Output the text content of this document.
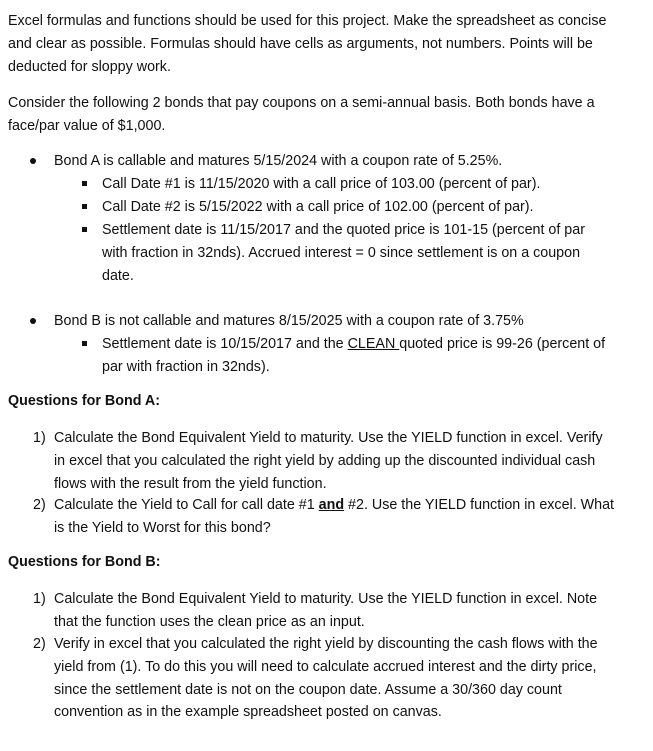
Excel formulas and functions should be used for this project. Make the spreadsheet as concise

and clear as possible. Formulas should have cells as arguments, not numbers. Points will be

deducted for sloppy work.

Consider the following 2 bonds that pay coupons on a semi-annual basis. Both bonds have a

face/par value of $1,000.

Bond A is callable and matures 5/15/2024 with a coupon rate of 5.25%.
Call Date #1 is 11/15/2020 with a call price of 103.00 (percent of par).
Call Date #2 is 5/15/2022 with a call price of 102.00 (percent of par).

Settlement date is 11/15/2017 and the quoted price is 101-15 (percent of par

with fraction in 32nds). Accrued interest = 0 since settlement is on a coupon

date.

Bond B is not callable and matures 8/15/2025 with a coupon rate of 3.75%

Settlement date is 10/15/2017 and the CLEAN quoted price is 99-26 (percent of

par with fraction in 32nds).

Questions for Bond A:
1) Calculate the Bond Equivalent Yield to maturity. Use the YIELD function in excel. Verify

in excel that you calculated the right yield by adding up the discounted individual cash

flows with the result from the yield function.

2) Calculate the Yield to Call for call date #1 and #2. Use the YIELD function in excel. What

is the Yield to Worst for this bond?

Questions for Bond B:
1) Calculate the Bond Equivalent Yield to maturity. Use the YIELD function in excel. Note

that the function uses the clean price as an input.

2) Verify in excel that you calculated the right yield by discounting the cash flows with the

yield from (1). To do this you will need to calculate accrued interest and the dirty price,

since the settlement date is not on the coupon date. Assume a 30/360 day count

convention as in the example spreadsheet posted on canvas.
